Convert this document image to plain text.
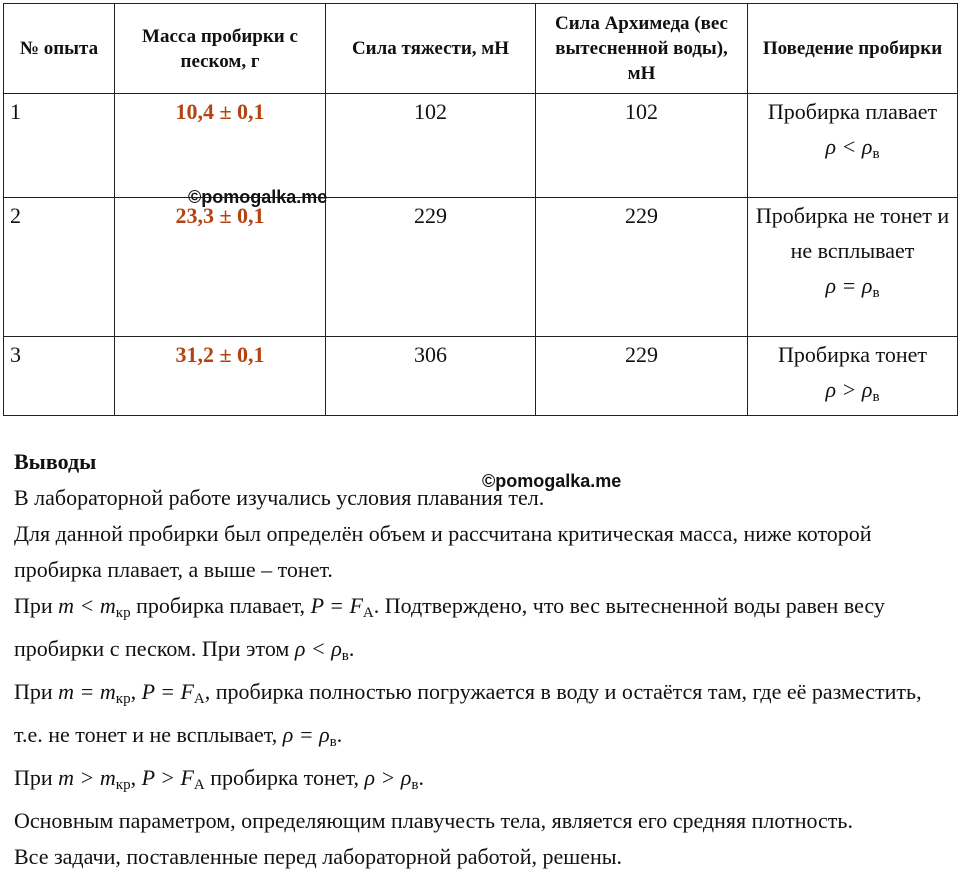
№ опыта	Масса пробирки с песком, г	Сила тяжести, мН	Сила Архимеда (вес вытесненной воды), мН	Поведение пробирки
1	10,4 ± 0,1	102	102	Пробирка плавает
$\rho < \rho_в$

2	23,3 ± 0,1	229	229	Пробирка не тонет и не всплывает
$\rho = \rho_в$

3	31,2 ± 0,1	306	229	Пробирка тонет
$\rho > \rho_в$
©pomogalka.me
©pomogalka.me

Выводы

В лабораторной работе изучались условия плавания тел.

Для данной пробирки был определён объем и рассчитана критическая масса, ниже которой пробирка плавает, а выше – тонет.

При $m < m_{кр}$ пробирка плавает, $P = F_A$. Подтверждено, что вес вытесненной воды равен весу пробирки с песком. При этом $\rho < \rho_в$.

При $m = m_{кр}$, $P = F_A$, пробирка полностью погружается в воду и остаётся там, где её разместить, т.е. не тонет и не всплывает, $\rho = \rho_в$.

При $m > m_{кр}$, $P > F_A$ пробирка тонет, $\rho > \rho_в$.

Основным параметром, определяющим плавучесть тела, является его средняя плотность.

Все задачи, поставленные перед лабораторной работой, решены.
